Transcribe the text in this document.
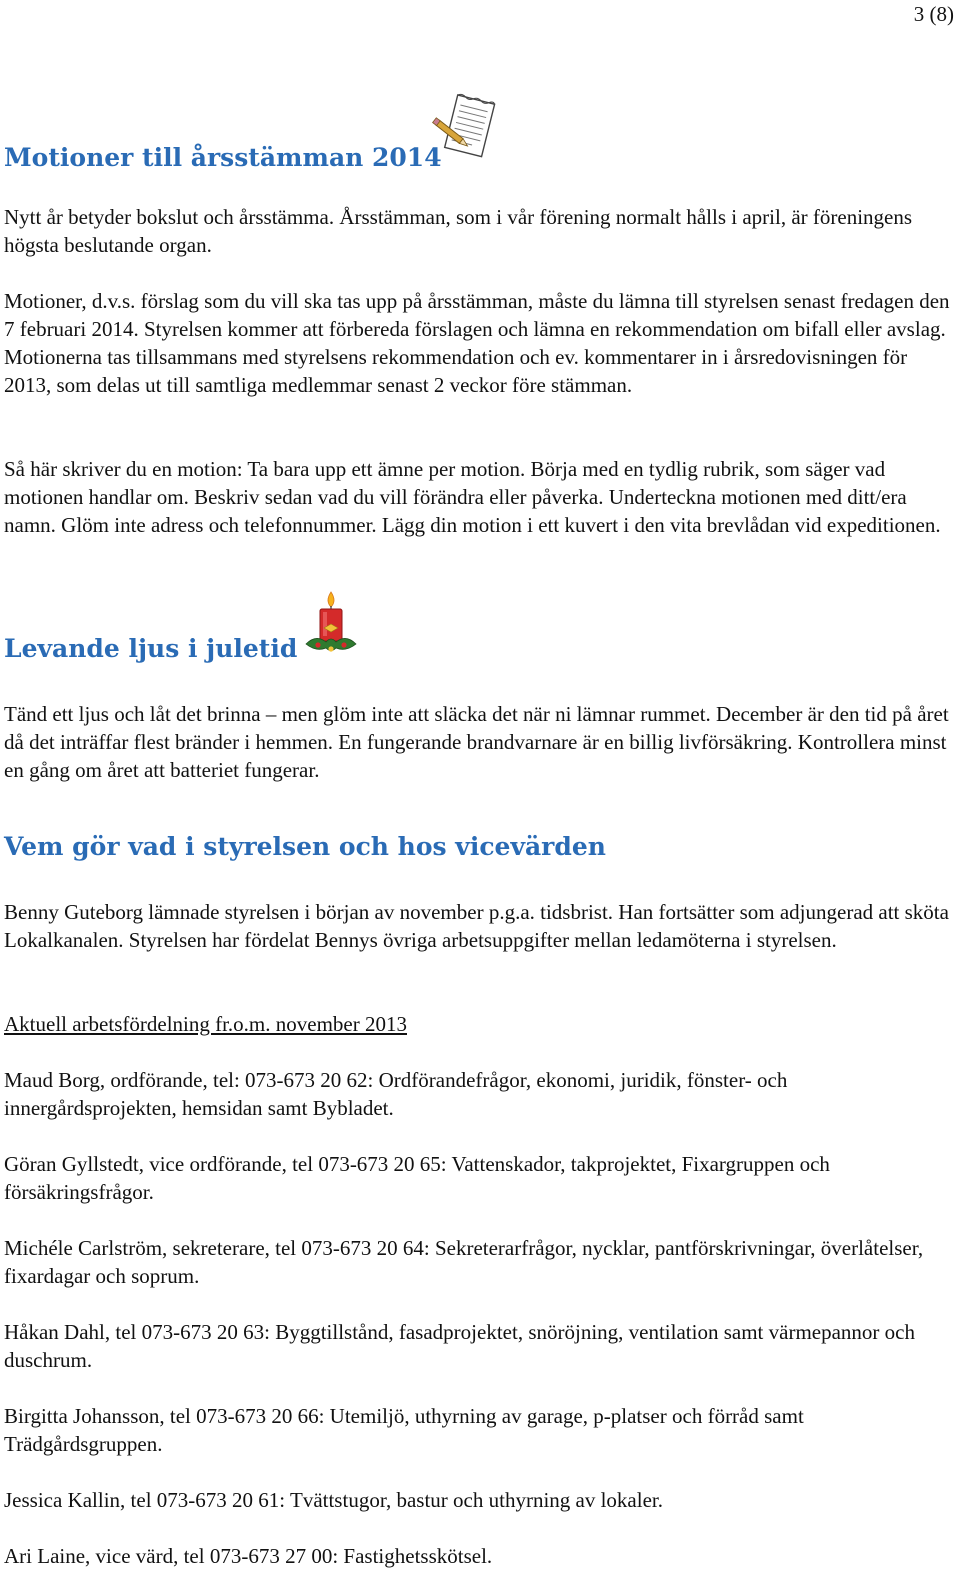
3 (8)
Motioner till årsstämman 2014

Nytt år betyder bokslut och årsstämma. Årsstämman, som i vår förening normalt hålls i april, är föreningens högsta beslutande organ.

Motioner, d.v.s. förslag som du vill ska tas upp på årsstämman, måste du lämna till styrelsen senast fredagen den 7 februari 2014. Styrelsen kommer att förbereda förslagen och lämna en rekommendation om bifall eller avslag. Motionerna tas tillsammans med styrelsens rekommendation och ev. kommentarer in i årsredovisningen för 2013, som delas ut till samtliga medlemmar senast 2 veckor före stämman.

Så här skriver du en motion: Ta bara upp ett ämne per motion. Börja med en tydlig rubrik, som säger vad motionen handlar om. Beskriv sedan vad du vill förändra eller påverka. Underteckna motionen med ditt/era namn. Glöm inte adress och telefonnummer. Lägg din motion i ett kuvert i den vita brevlådan vid expeditionen.

Levande ljus i juletid

Tänd ett ljus och låt det brinna – men glöm inte att släcka det när ni lämnar rummet. December är den tid på året då det inträffar flest bränder i hemmen. En fungerande brandvarnare är en billig livförsäkring. Kontrollera minst en gång om året att batteriet fungerar.

Vem gör vad i styrelsen och hos vicevärden

Benny Guteborg lämnade styrelsen i början av november p.g.a. tidsbrist. Han fortsätter som adjungerad att sköta Lokalkanalen. Styrelsen har fördelat Bennys övriga arbetsuppgifter mellan ledamöterna i styrelsen.

Aktuell arbetsfördelning fr.o.m. november 2013

Maud Borg, ordförande, tel: 073-673 20 62: Ordförandefrågor, ekonomi, juridik, fönster- och innergårdsprojekten, hemsidan samt Bybladet.

Göran Gyllstedt, vice ordförande, tel 073-673 20 65: Vattenskador, takprojektet, Fixargruppen och försäkringsfrågor.

Michéle Carlström, sekreterare, tel 073-673 20 64: Sekreterarfrågor, nycklar, pantförskrivningar, överlåtelser, fixardagar och soprum.

Håkan Dahl, tel 073-673 20 63: Byggtillstånd, fasadprojektet, snöröjning, ventilation samt värmepannor och duschrum.

Birgitta Johansson, tel 073-673 20 66: Utemiljö, uthyrning av garage, p-platser och förråd samt Trädgårdsgruppen.

Jessica Kallin, tel 073-673 20 61: Tvättstugor, bastur och uthyrning av lokaler.

Ari Laine, vice värd, tel 073-673 27 00: Fastighetsskötsel.
